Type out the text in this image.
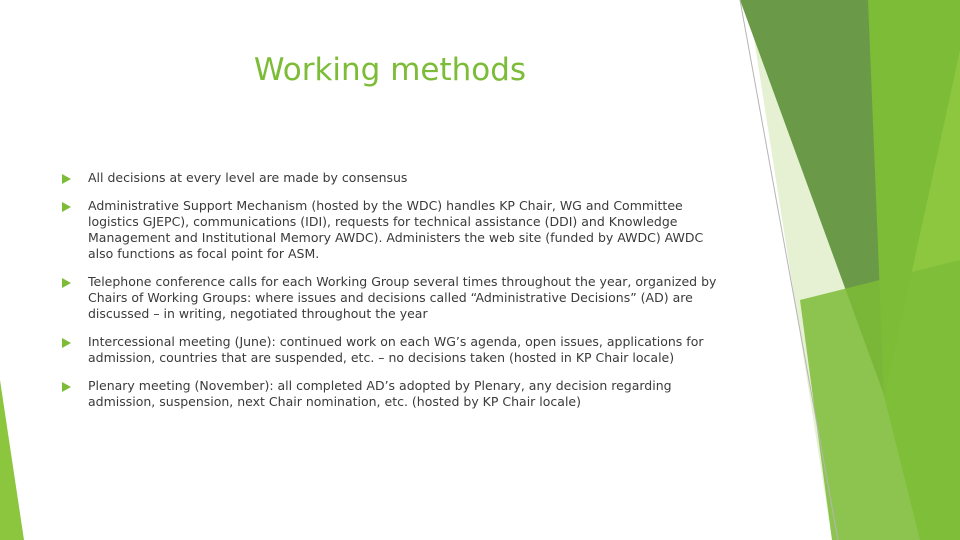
Working methods
All decisions at every level are made by consensus
Administrative Support Mechanism (hosted by the WDC) handles KP Chair, WG and Committee logistics GJEPC), communications (IDI), requests for technical assistance (DDI) and Knowledge Management and Institutional Memory AWDC). Administers the web site (funded by AWDC) AWDC also functions as focal point for ASM.
Telephone conference calls for each Working Group several times throughout the year, organized by Chairs of Working Groups: where issues and decisions called “Administrative Decisions” (AD) are discussed – in writing, negotiated throughout the year
Intercessional meeting (June): continued work on each WG’s agenda, open issues, applications for admission, countries that are suspended, etc. – no decisions taken (hosted in KP Chair locale)
Plenary meeting (November): all completed AD’s adopted by Plenary, any decision regarding admission, suspension, next Chair nomination, etc. (hosted by KP Chair locale)
